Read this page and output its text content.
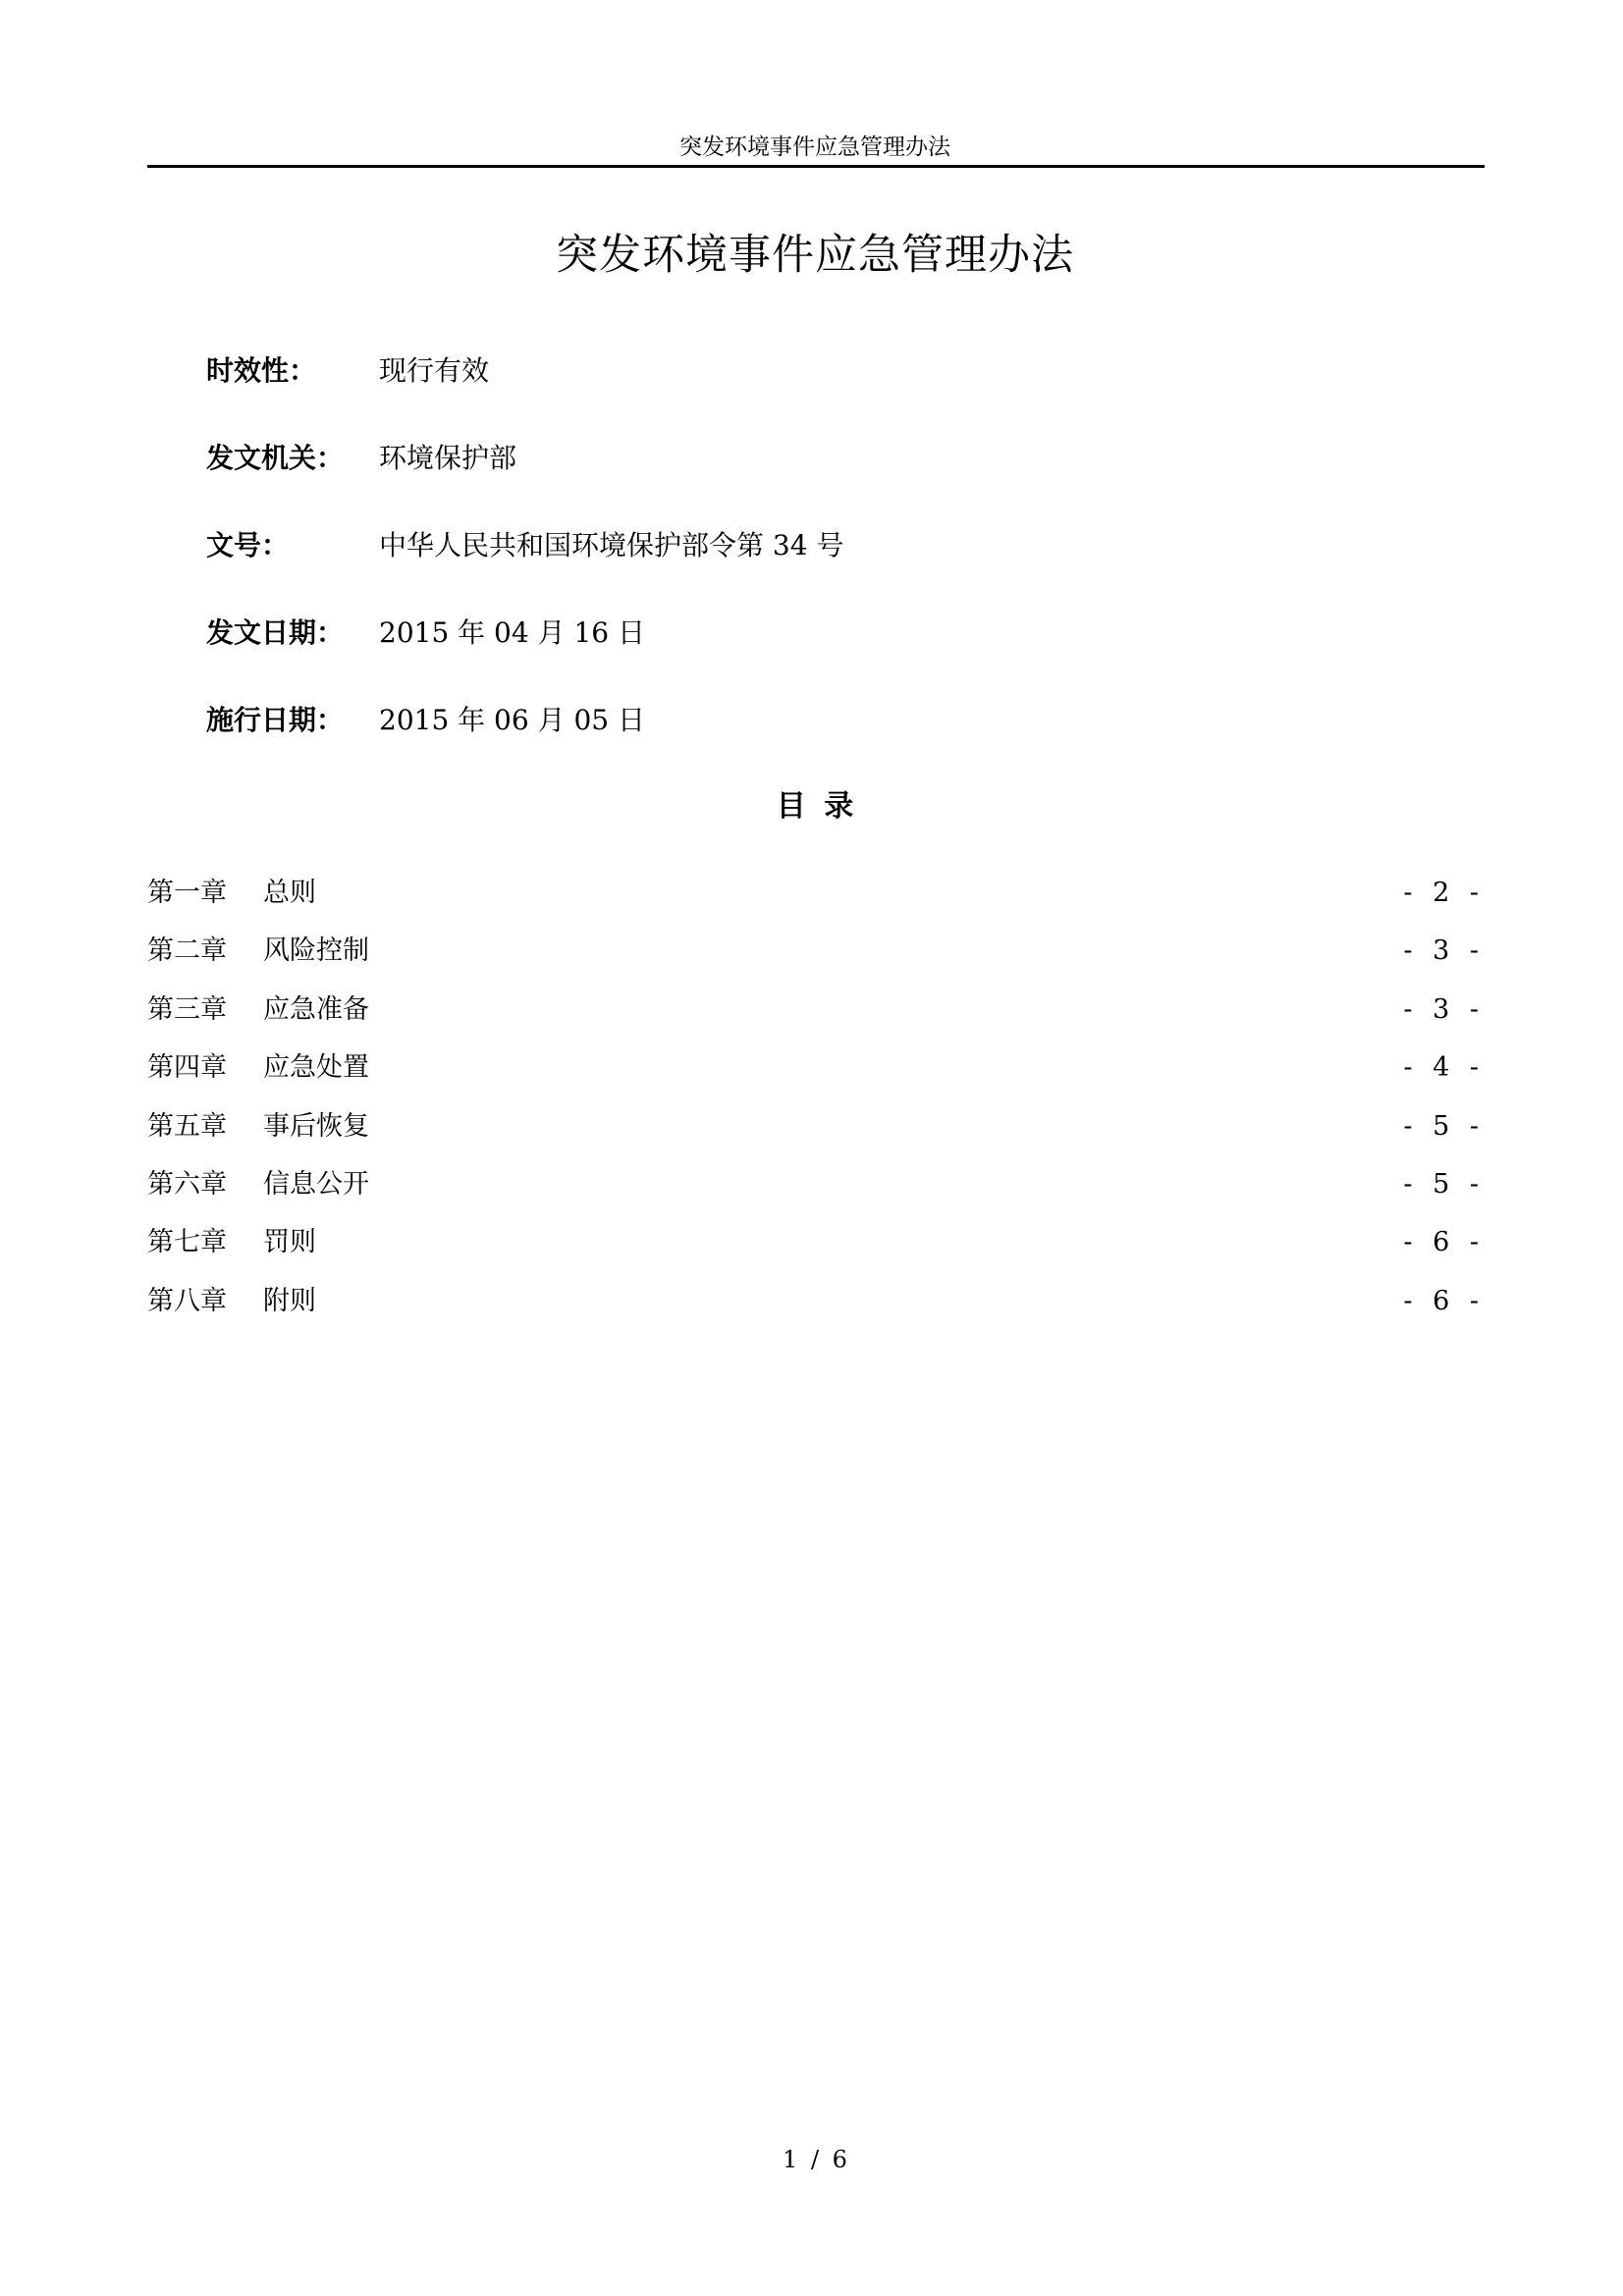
突发环境事件应急管理办法
突发环境事件应急管理办法
时效性： 现行有效
发文机关： 环境保护部
文号：	中华人民共和国环境保护部令第 34 号
发文日期： 2015 年 04 月 16 日
施行日期： 2015 年 06 月 05 日
目 录
第一章 总则	- 2 -
第二章 风险控制	- 3 -
第三章 应急准备	- 3 -
第四章 应急处置	- 4 -
第五章 事后恢复	- 5 -
第六章 信息公开	- 5 -
第七章 罚则	- 6 -
第八章 附则	- 6 -
1 / 6
